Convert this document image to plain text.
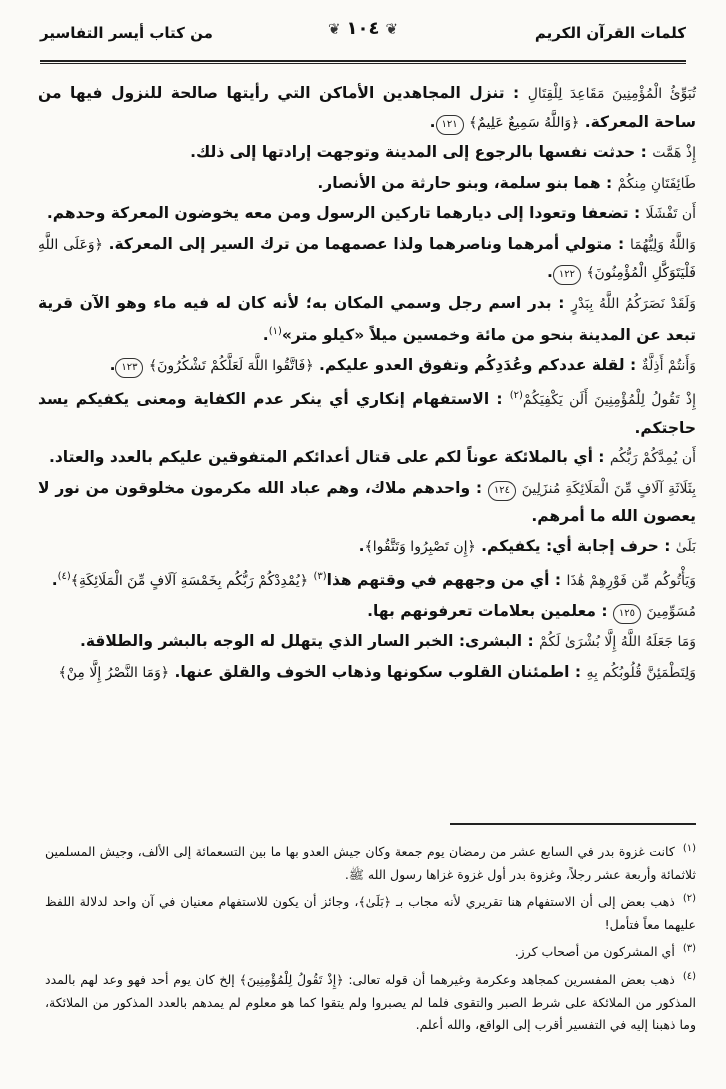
كلمات القرآن الكريم
❦١٠٤❦
من كتاب أيسر التفاسير

تُبَوِّئُ الْمُؤْمِنِينَ مَقَاعِدَ لِلْقِتَالِ : تنزل المجاهدين الأماكن التي رأيتها صالحة للنزول فيها من ساحة المعركة. ﴿وَاللَّهُ سَمِيعٌ عَلِيمٌ﴾ ١٢١.

إِذْ هَمَّت : حدثت نفسها بالرجوع إلى المدينة وتوجهت إرادتها إلى ذلك.

طَائِفَتَانِ مِنكُمْ : هما بنو سلمة، وبنو حارثة من الأنصار.

أَن تَفْشَلَا : تضعفا وتعودا إلى ديارهما تاركين الرسول ومن معه يخوضون المعركة وحدهم.

وَاللَّهُ وَلِيُّهُمَا : متولي أمرهما وناصرهما ولذا عصمهما من ترك السير إلى المعركة. ﴿وَعَلَى اللَّهِ فَلْيَتَوَكَّلِ الْمُؤْمِنُونَ﴾ ١٢٢.

وَلَقَدْ نَصَرَكُمُ اللَّهُ بِبَدْرٍ : بدر اسم رجل وسمي المكان به؛ لأنه كان له فيه ماء وهو الآن قرية تبعد عن المدينة بنحو من مائة وخمسين ميلاً «كيلو متر»$^{(١)}$.

وَأَنتُمْ أَذِلَّةٌ : لقلة عددكم وعُدَدِكُم وتفوق العدو عليكم. ﴿فَاتَّقُوا اللَّهَ لَعَلَّكُمْ تَشْكُرُونَ﴾ ١٢٣.

إِذْ تَقُولُ لِلْمُؤْمِنِينَ أَلَن يَكْفِيَكُمْ$^{(٢)}$ : الاستفهام إنكاري أي ينكر عدم الكفاية ومعنى يكفيكم يسد حاجتكم.

أَن يُمِدَّكُمْ رَبُّكُم : أي بالملائكة عوناً لكم على قتال أعدائكم المتفوقين عليكم بالعدد والعتاد.

بِثَلَاثَةِ آلَافٍ مِّنَ الْمَلَائِكَةِ مُنزَلِينَ ١٢٤ : واحدهم ملاك، وهم عباد الله مكرمون مخلوقون من نور لا يعصون الله ما أمرهم.

بَلَىٰ : حرف إجابة أي: يكفيكم. ﴿إِن تَصْبِرُوا وَتَتَّقُوا﴾.

وَيَأْتُوكُم مِّن فَوْرِهِمْ هَٰذَا : أي من وجههم في وقتهم هذا$^{(٣)}$ ﴿يُمْدِدْكُمْ رَبُّكُم بِخَمْسَةِ آلَافٍ مِّنَ الْمَلَائِكَةِ﴾$^{(٤)}$.

مُسَوِّمِينَ ١٢٥ : معلمين بعلامات تعرفونهم بها.

وَمَا جَعَلَهُ اللَّهُ إِلَّا بُشْرَىٰ لَكُمْ : البشرى: الخبر السار الذي يتهلل له الوجه بالبشر والطلاقة.

وَلِتَطْمَئِنَّ قُلُوبُكُم بِهِ : اطمئنان القلوب سكونها وذهاب الخوف والقلق عنها. ﴿وَمَا النَّصْرُ إِلَّا مِنْ﴾

$^{(١)}$كانت غزوة بدر في السابع عشر من رمضان يوم جمعة وكان جيش العدو بها ما بين التسعمائة إلى الألف، وجيش المسلمين ثلاثمائة وأربعة عشر رجلاً، وغزوة بدر أول غزوة غزاها رسول الله ﷺ.

$^{(٢)}$ذهب بعض إلى أن الاستفهام هنا تقريري لأنه مجاب بـ ﴿بَلَىٰ﴾، وجائز أن يكون للاستفهام معنيان في آن واحد لدلالة اللفظ عليهما معاً فتأمل!

$^{(٣)}$أي المشركون من أصحاب كرز.

$^{(٤)}$ذهب بعض المفسرين كمجاهد وعكرمة وغيرهما أن قوله تعالى: ﴿إِذْ تَقُولُ لِلْمُؤْمِنِينَ﴾ إلخ كان يوم أحد فهو وعد لهم بالمدد المذكور من الملائكة على شرط الصبر والتقوى فلما لم يصبروا ولم يتقوا كما هو معلوم لم يمدهم بالعدد المذكور من الملائكة، وما ذهبنا إليه في التفسير أقرب إلى الواقع، والله أعلم.
